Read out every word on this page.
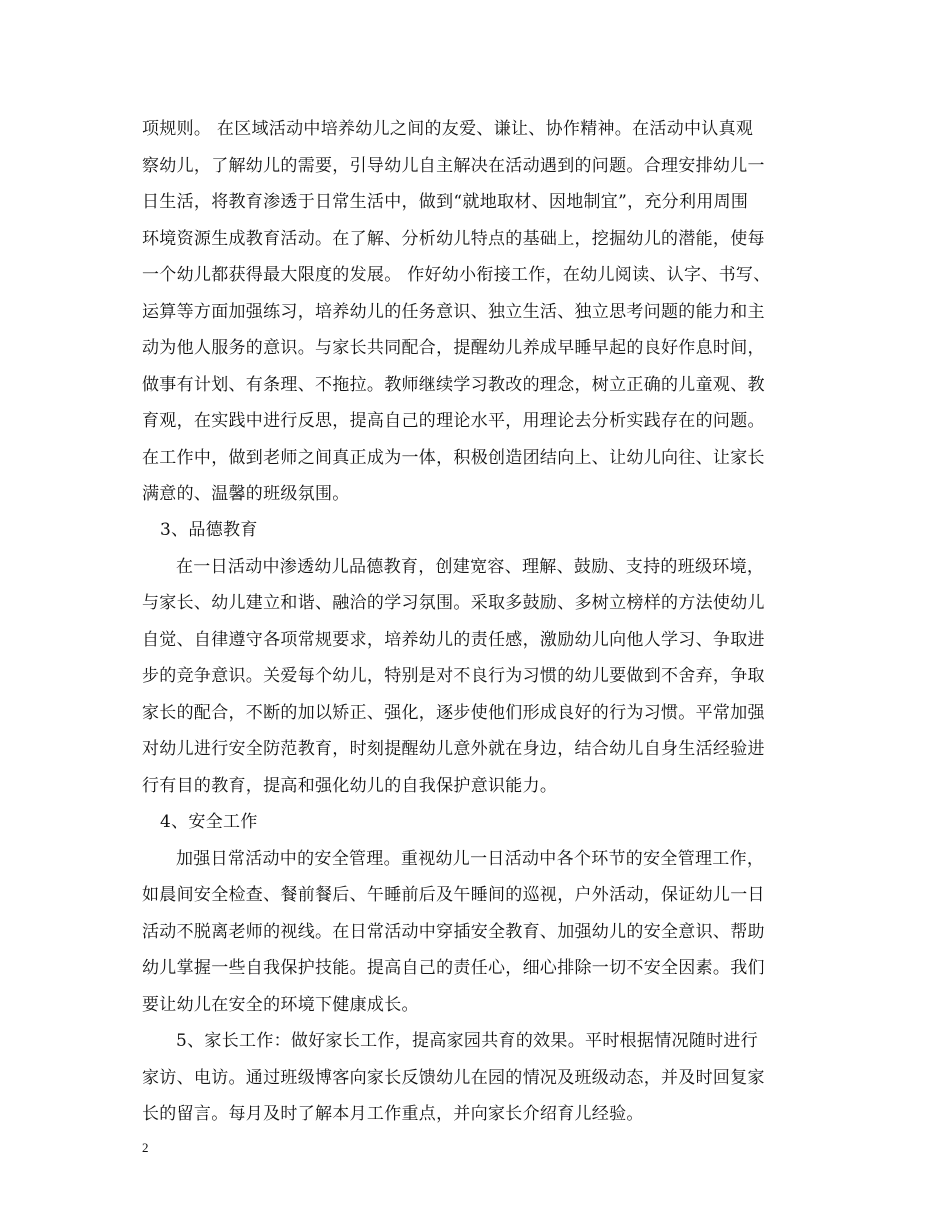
项规则。 在区域活动中培养幼儿之间的友爱、谦让、协作精神。在活动中认真观
察幼儿，了解幼儿的需要，引导幼儿自主解决在活动遇到的问题。合理安排幼儿一
日生活，将教育渗透于日常生活中，做到“就地取材、因地制宜”，充分利用周围
环境资源生成教育活动。在了解、分析幼儿特点的基础上，挖掘幼儿的潜能，使每
一个幼儿都获得最大限度的发展。 作好幼小衔接工作，在幼儿阅读、认字、书写、
运算等方面加强练习，培养幼儿的任务意识、独立生活、独立思考问题的能力和主
动为他人服务的意识。与家长共同配合，提醒幼儿养成早睡早起的良好作息时间，
做事有计划、有条理、不拖拉。教师继续学习教改的理念，树立正确的儿童观、教
育观，在实践中进行反思，提高自己的理论水平，用理论去分析实践存在的问题。
在工作中，做到老师之间真正成为一体，积极创造团结向上、让幼儿向往、让家长
满意的、温馨的班级氛围。
3、品德教育
在一日活动中渗透幼儿品德教育，创建宽容、理解、鼓励、支持的班级环境，
与家长、幼儿建立和谐、融洽的学习氛围。采取多鼓励、多树立榜样的方法使幼儿
自觉、自律遵守各项常规要求，培养幼儿的责任感，激励幼儿向他人学习、争取进
步的竞争意识。关爱每个幼儿，特别是对不良行为习惯的幼儿要做到不舍弃，争取
家长的配合，不断的加以矫正、强化，逐步使他们形成良好的行为习惯。平常加强
对幼儿进行安全防范教育，时刻提醒幼儿意外就在身边，结合幼儿自身生活经验进
行有目的教育，提高和强化幼儿的自我保护意识能力。
4、安全工作
加强日常活动中的安全管理。重视幼儿一日活动中各个环节的安全管理工作，
如晨间安全检查、餐前餐后、午睡前后及午睡间的巡视，户外活动，保证幼儿一日
活动不脱离老师的视线。在日常活动中穿插安全教育、加强幼儿的安全意识、帮助
幼儿掌握一些自我保护技能。提高自己的责任心，细心排除一切不安全因素。我们
要让幼儿在安全的环境下健康成长。
5、家长工作：做好家长工作，提高家园共育的效果。平时根据情况随时进行
家访、电访。通过班级博客向家长反馈幼儿在园的情况及班级动态，并及时回复家
长的留言。每月及时了解本月工作重点，并向家长介绍育儿经验。
2
